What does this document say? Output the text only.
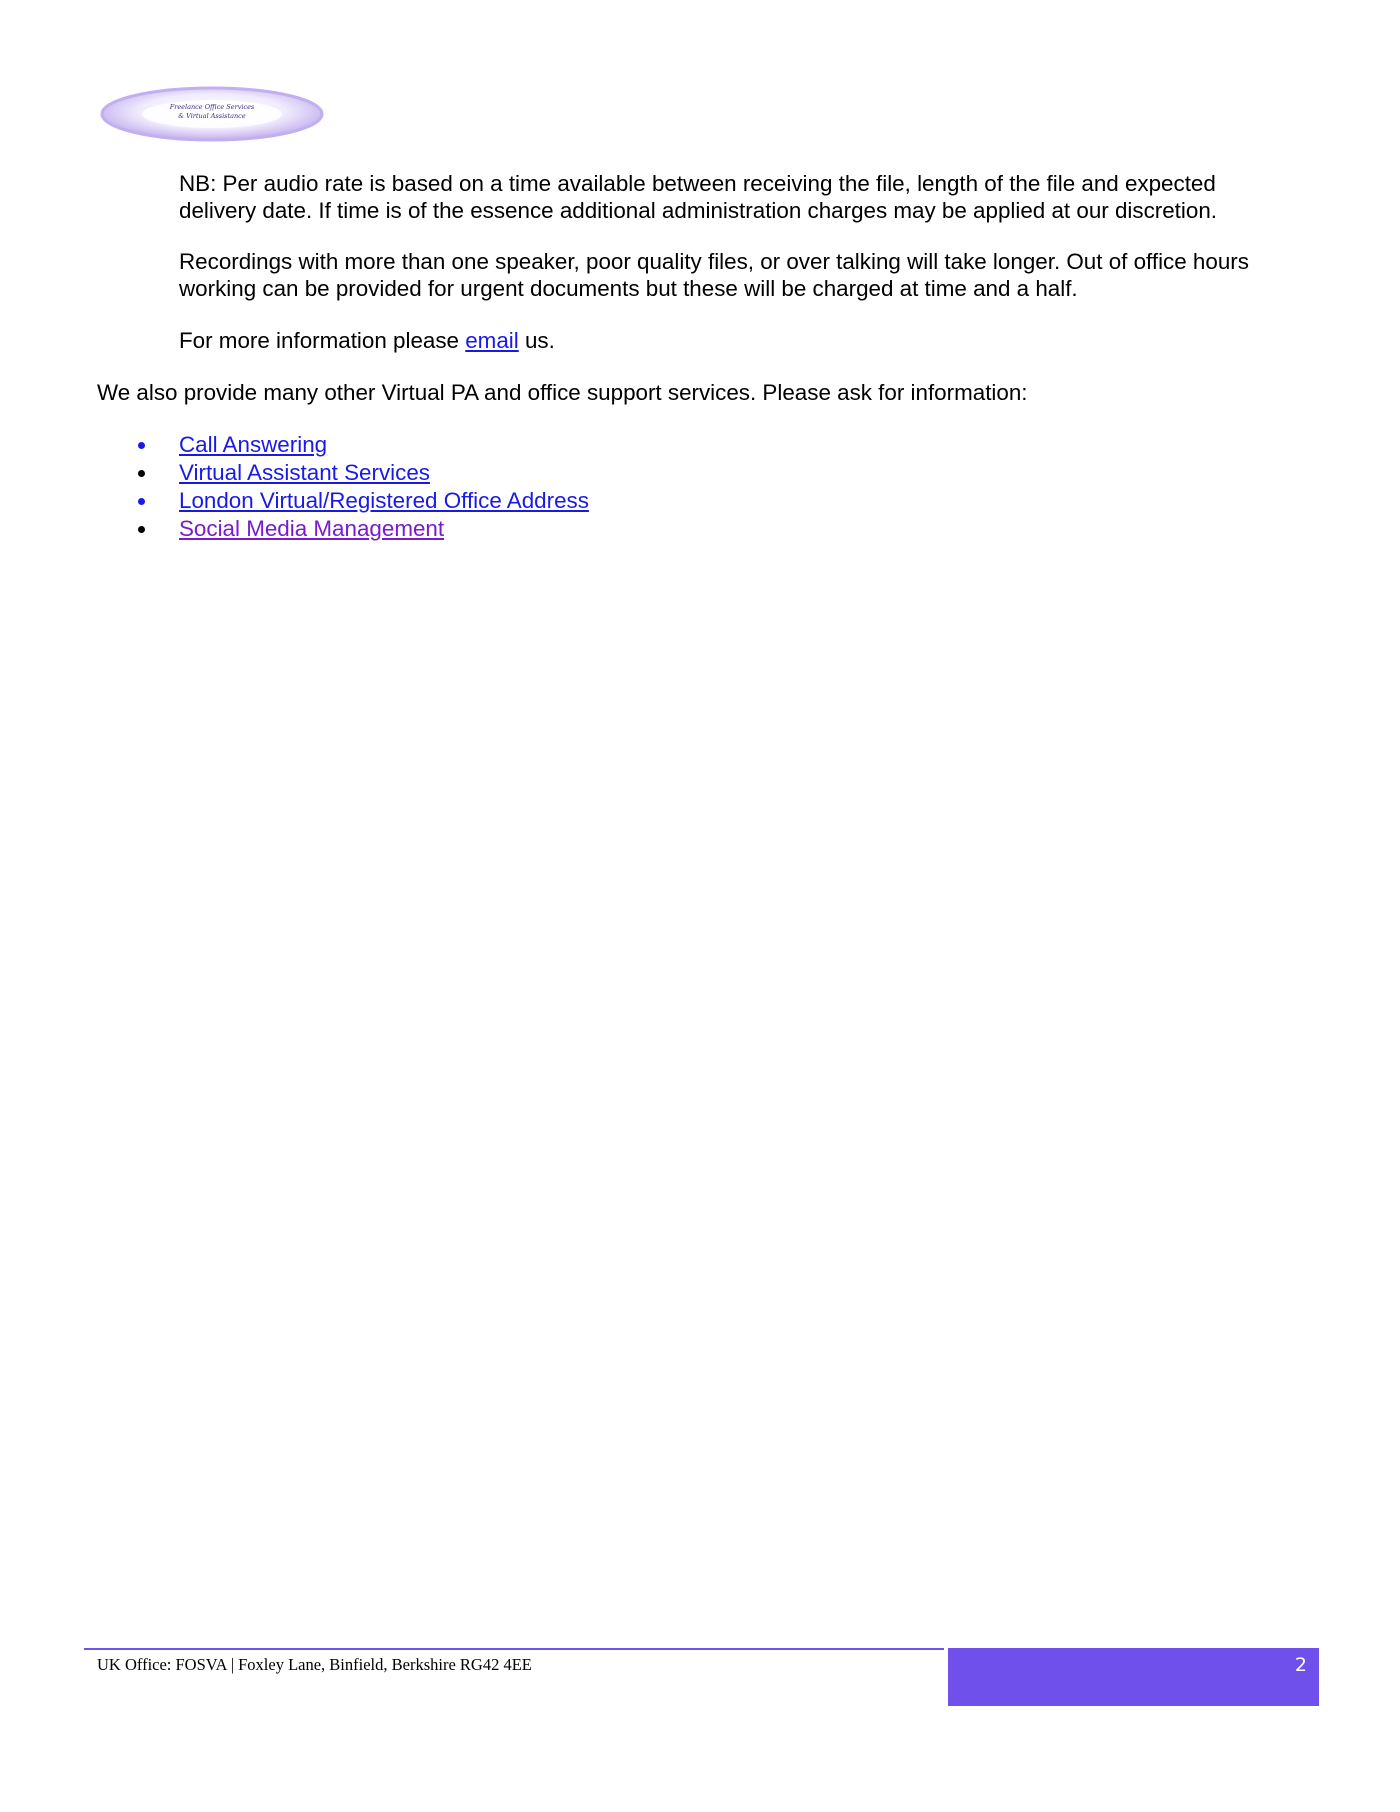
Freelance Office Services
& Virtual Assistance

NB: Per audio rate is based on a time available between receiving the file, length of the file and expected delivery date. If time is of the essence additional administration charges may be applied at our discretion.

Recordings with more than one speaker, poor quality files, or over talking will take longer. Out of office hours working can be provided for urgent documents but these will be charged at time and a half.

For more information please email us.

We also provide many other Virtual PA and office support services. Please ask for information:

Call Answering
Virtual Assistant Services
London Virtual/Registered Office Address
Social Media Management
UK Office: FOSVA | Foxley Lane, Binfield, Berkshire RG42 4EE	2
